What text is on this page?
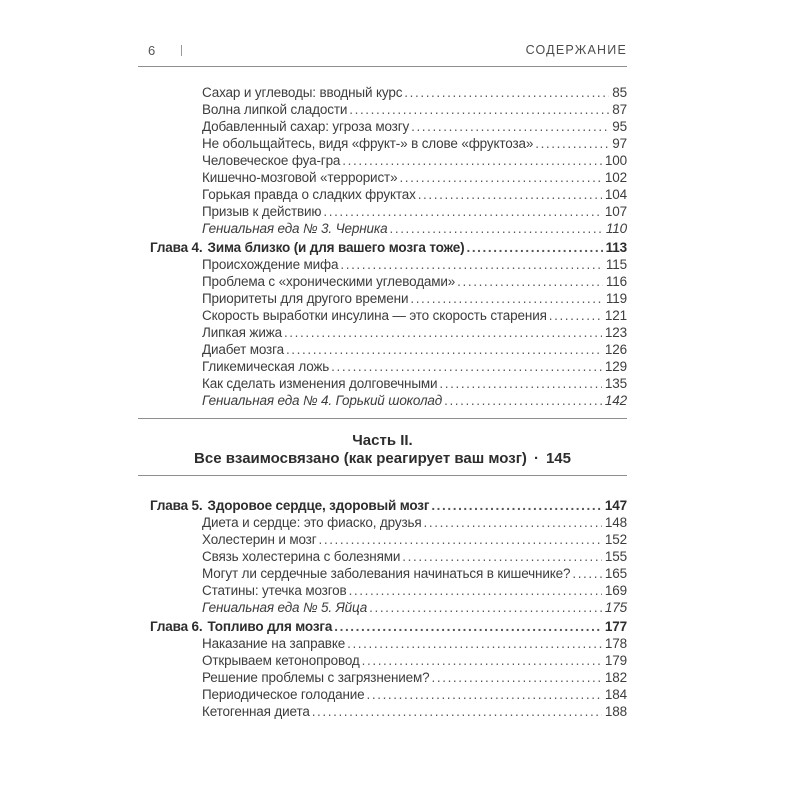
6	СОДЕРЖАНИЕ
Сахар и углеводы: вводный курс .....	85
Волна липкой сладости .....	87
Добавленный сахар: угроза мозгу .....	95
Не обольщайтесь, видя «фрукт-» в слове «фруктоза» .....	97
Человеческое фуа-гра .....	100
Кишечно-мозговой «террорист» .....	102
Горькая правда о сладких фруктах .....	104
Призыв к действию .....	107
Гениальная еда № 3. Черника .....	110
Глава 4. Зима близко (и для вашего мозга тоже) .....	113
Происхождение мифа .....	115
Проблема с «хроническими углеводами» .....	116
Приоритеты для другого времени .....	119
Скорость выработки инсулина — это скорость старения .....	121
Липкая жижа .....	123
Диабет мозга .....	126
Гликемическая ложь .....	129
Как сделать изменения долговечными .....	135
Гениальная еда № 4. Горький шоколад .....	142
Часть II.
Все взаимосвязано (как реагирует ваш мозг) · 145
Глава 5. Здоровое сердце, здоровый мозг .....	147
Диета и сердце: это фиаско, друзья .....	148
Холестерин и мозг .....	152
Связь холестерина с болезнями .....	155
Могут ли сердечные заболевания начинаться в кишечнике? .....	165
Статины: утечка мозгов .....	169
Гениальная еда № 5. Яйца .....	175
Глава 6. Топливо для мозга .....	177
Наказание на заправке .....	178
Открываем кетонопровод .....	179
Решение проблемы с загрязнением? .....	182
Периодическое голодание .....	184
Кетогенная диета .....	188
